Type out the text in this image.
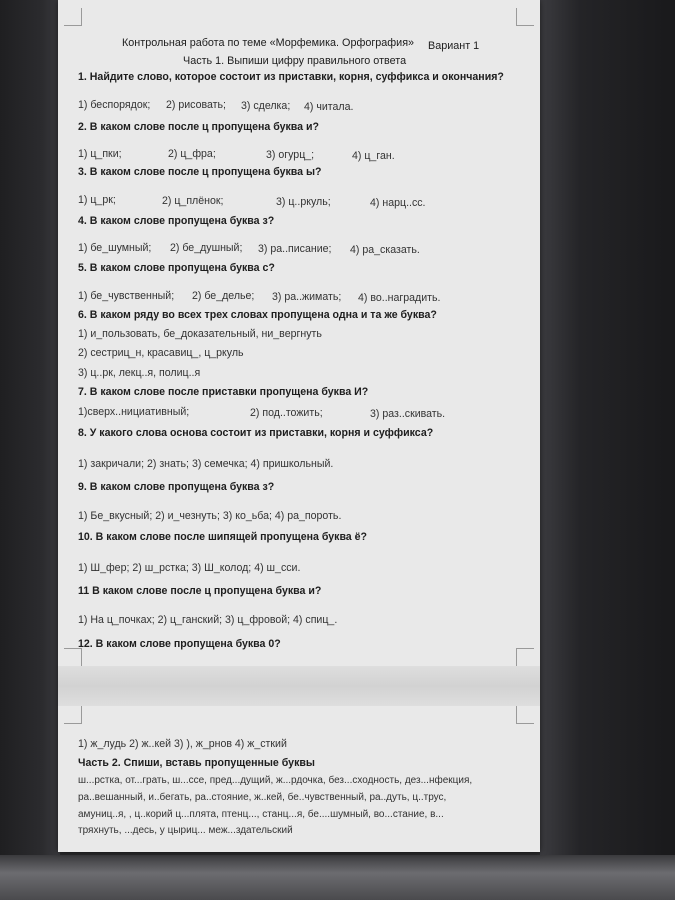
Контрольная работа по теме «Морфемика. Орфография» Вариант 1
Часть 1. Выпиши цифру правильного ответа
1. Найдите слово, которое состоит из приставки, корня, суффикса и окончания?
1) беспорядок; 2) рисовать; 3) сделка; 4) читала.
2. В каком слове после ц пропущена буква и?
1) ц_пки;	2) ц_фра;	3) огурц_;	4) ц_ган.
3. В каком слове после ц пропущена буква ы?
1) ц_рк;	2) ц_плёнок;	3) ц..ркуль;	4) нарц..сс.
4. В каком слове пропущена буква з?
1) бе_шумный; 2) бе_душный; 3) ра..писание; 4) ра_сказать.
5. В каком слове пропущена буква с?
1) бе_чувственный; 2) бе_делье; 3) ра..жимать; 4) во..наградить.
6. В каком ряду во всех трех словах пропущена одна и та же буква?
1) и_пользовать, бе_доказательный, ни_вергнуть
2) сестриц_н, красавиц_, ц_ркуль
3) ц..рк, лекц..я, полиц..я
7. В каком слове после приставки пропущена буква И?
1)сверх..нициативный;	2) под..тожить;	3) раз..скивать.
8. У какого слова основа состоит из приставки, корня и суффикса?
1) закричали; 2) знать; 3) семечка; 4) пришкольный.
9. В каком слове пропущена буква з?
1) Бе_вкусный; 2) и_чезнуть; 3) ко_ьба; 4) ра_пороть.
10. В каком слове после шипящей пропущена буква ё?
1) Ш_фер; 2) ш_рстка; 3) Ш_колод; 4) ш_сси.
11 В каком слове после ц пропущена буква и?
1) На ц_почках; 2) ц_ганский; 3) ц_фровой; 4) спиц_.
12. В каком слове пропущена буква 0?
1) ж_лудь 2) ж..кей 3) ), ж_рнов 4) ж_сткий
Часть 2. Спиши, вставь пропущенные буквы
ш...рстка, от...грать, ш...ссе, пред...дущий, ж...рдочка, без...сходность, дез...нфекция,
ра..вешанный, и..бегать, ра..стояние, ж..кей, бе..чувственный, ра..дуть, ц..трус,
амуниц..я, , ц..корий ц...плята, птенц..., станц...я, бе....шумный, во...стание, в...
тряхнуть, ...десь, у цыриц... меж...здательский
